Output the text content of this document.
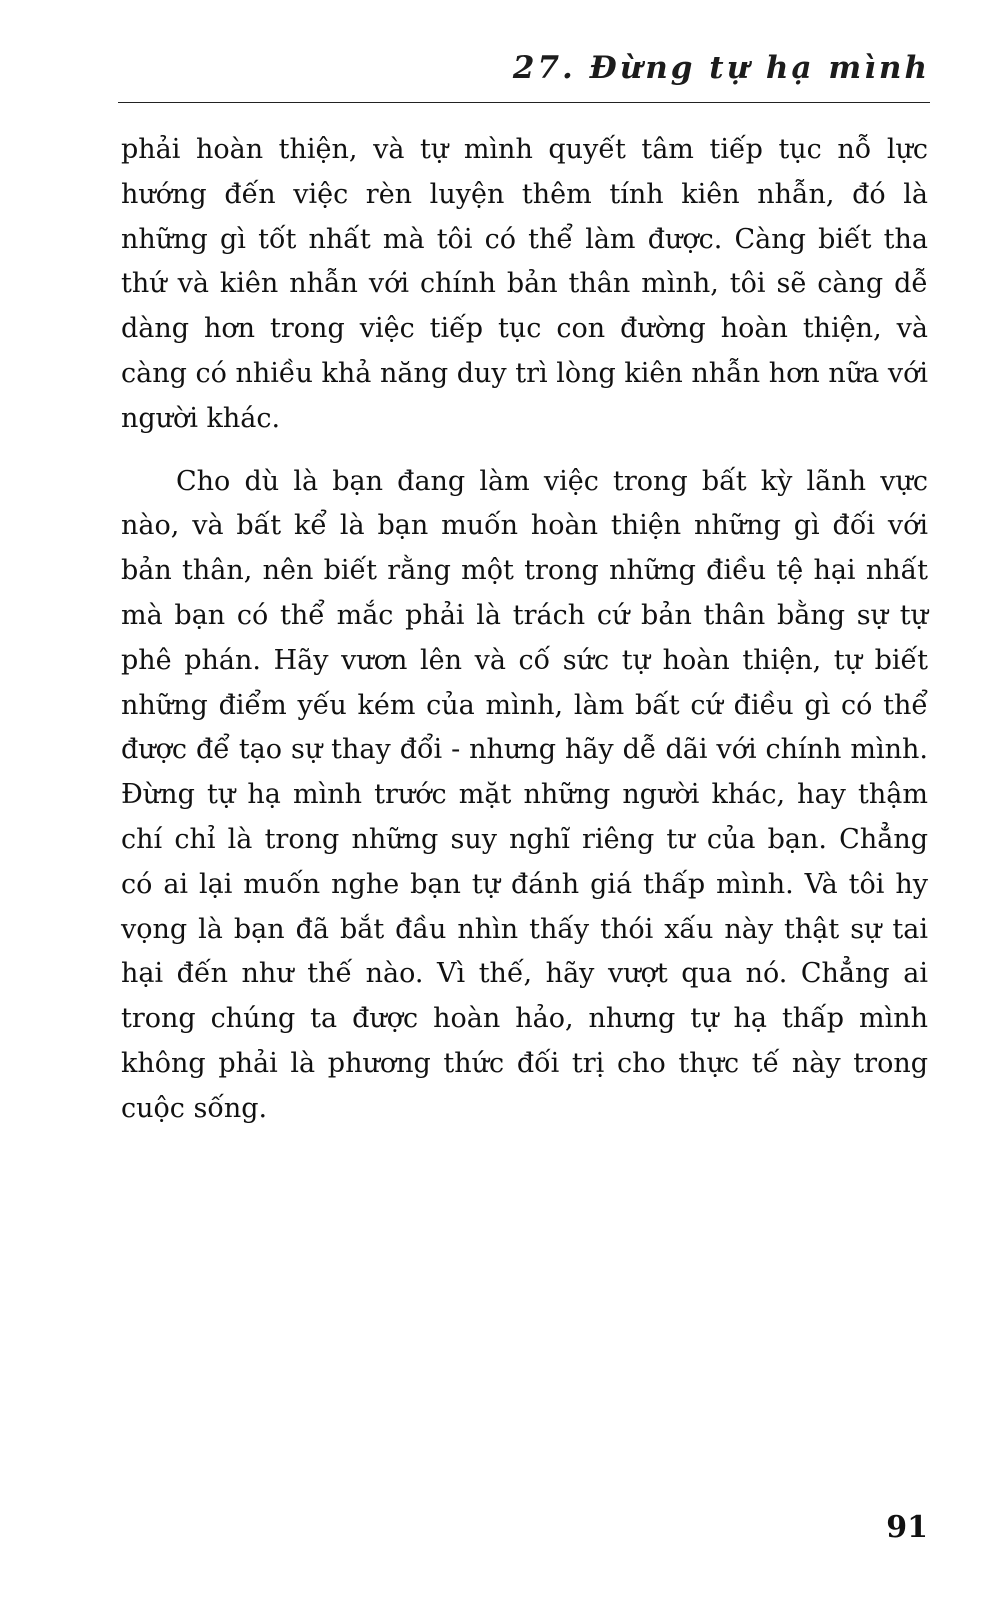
27. Đừng tự hạ mình

phải hoàn thiện, và tự mình quyết tâm tiếp tục nỗ lực hướng đến việc rèn luyện thêm tính kiên nhẫn, đó là những gì tốt nhất mà tôi có thể làm được. Càng biết tha thứ và kiên nhẫn với chính bản thân mình, tôi sẽ càng dễ dàng hơn trong việc tiếp tục con đường hoàn thiện, và càng có nhiều khả năng duy trì lòng kiên nhẫn hơn nữa với người khác.

Cho dù là bạn đang làm việc trong bất kỳ lãnh vực nào, và bất kể là bạn muốn hoàn thiện những gì đối với bản thân, nên biết rằng một trong những điều tệ hại nhất mà bạn có thể mắc phải là trách cứ bản thân bằng sự tự phê phán. Hãy vươn lên và cố sức tự hoàn thiện, tự biết những điểm yếu kém của mình, làm bất cứ điều gì có thể được để tạo sự thay đổi - nhưng hãy dễ dãi với chính mình. Đừng tự hạ mình trước mặt những người khác, hay thậm chí chỉ là trong những suy nghĩ riêng tư của bạn. Chẳng có ai lại muốn nghe bạn tự đánh giá thấp mình. Và tôi hy vọng là bạn đã bắt đầu nhìn thấy thói xấu này thật sự tai hại đến như thế nào. Vì thế, hãy vượt qua nó. Chẳng ai trong chúng ta được hoàn hảo, nhưng tự hạ thấp mình không phải là phương thức đối trị cho thực tế này trong cuộc sống.

91
